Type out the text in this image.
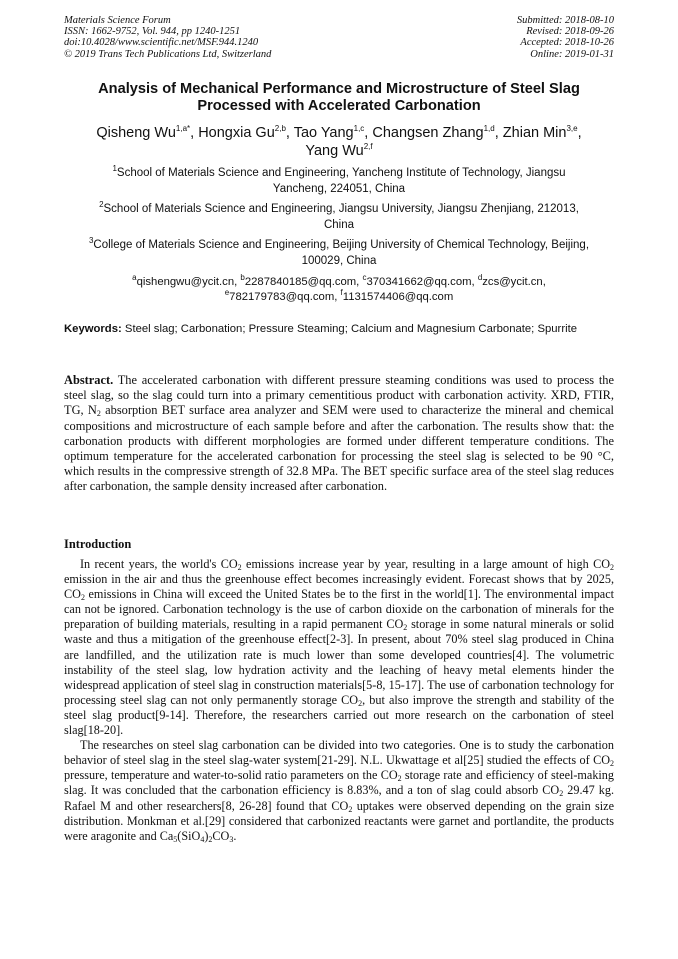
Materials Science Forum
ISSN: 1662-9752, Vol. 944, pp 1240-1251
doi:10.4028/www.scientific.net/MSF.944.1240
© 2019 Trans Tech Publications Ltd, Switzerland
Submitted: 2018-08-10
Revised: 2018-09-26
Accepted: 2018-10-26
Online: 2019-01-31
Analysis of Mechanical Performance and Microstructure of Steel Slag
Processed with Accelerated Carbonation
Qisheng $Wu^{1,a*}$, Hongxia Gu$^{2,b}$, Tao Yang$^{1,c}$, Changsen Zhang$^{1,d}$, Zhian Min$^{3,e}$,
Yang Wu$^{2,f}$
$^1$School of Materials Science and Engineering, Yancheng Institute of Technology, Jiangsu
Yancheng, 224051, China
$^2$School of Materials Science and Engineering, Jiangsu University, Jiangsu Zhenjiang, 212013,
China
$^3$College of Materials Science and Engineering, Beijing University of Chemical Technology, Beijing,
100029, China
$^a$qishengwu@ycit.cn, $^b$2287840185@qq.com, $^c$370341662@qq.com, $^d$zcs@ycit.cn,
$^e$782179783@qq.com, $^f$1131574406@qq.com
Keywords: Steel slag; Carbonation; Pressure Steaming; Calcium and Magnesium Carbonate; Spurrite
Abstract. The accelerated carbonation with different pressure steaming conditions was used to process the steel slag, so the slag could turn into a primary cementitious product with carbonation activity. XRD, FTIR, TG, $N_2$ absorption BET surface area analyzer and SEM were used to characterize the mineral and chemical compositions and microstructure of each sample before and after the carbonation. The results show that: the carbonation products with different morphologies are formed under different temperature conditions. The optimum temperature for the accelerated carbonation for processing the steel slag is selected to be 90 °C, which results in the compressive strength of 32.8 MPa. The BET specific surface area of the steel slag reduces after carbonation, the sample density increased after carbonation.
Introduction

In recent years, the world's $CO_2$ emissions increase year by year, resulting in a large amount of high $CO_2$ emission in the air and thus the greenhouse effect becomes increasingly evident. Forecast shows that by 2025, $CO_2$ emissions in China will exceed the United States be to the first in the world[1]. The environmental impact can not be ignored. Carbonation technology is the use of carbon dioxide on the carbonation of minerals for the preparation of building materials, resulting in a rapid permanent $CO_2$ storage in some natural minerals or solid waste and thus a mitigation of the greenhouse effect[2-3]. In present, about 70% steel slag produced in China are landfilled, and the utilization rate is much lower than some developed countries[4]. The volumetric instability of the steel slag, low hydration activity and the leaching of heavy metal elements hinder the widespread application of steel slag in construction materials[5-8, 15-17]. The use of carbonation technology for processing steel slag can not only permanently storage $CO_2$, but also improve the strength and stability of the steel slag product[9-14]. Therefore, the researchers carried out more research on the carbonation of steel slag[18-20].

The researches on steel slag carbonation can be divided into two categories. One is to study the carbonation behavior of steel slag in the steel slag-water system[21-29]. N.L. Ukwattage et al[25] studied the effects of $CO_2$ pressure, temperature and water-to-solid ratio parameters on the $CO_2$ storage rate and efficiency of steel-making slag. It was concluded that the carbonation efficiency is 8.83%, and a ton of slag could absorb $CO_2$ 29.47 kg. Rafael M and other researchers[8, 26-28] found that $CO_2$ uptakes were observed depending on the grain size distribution. Monkman et al.[29] considered that carbonized reactants were garnet and portlandite, the products were aragonite and $Ca_5(SiO_4)_2CO_3$.
